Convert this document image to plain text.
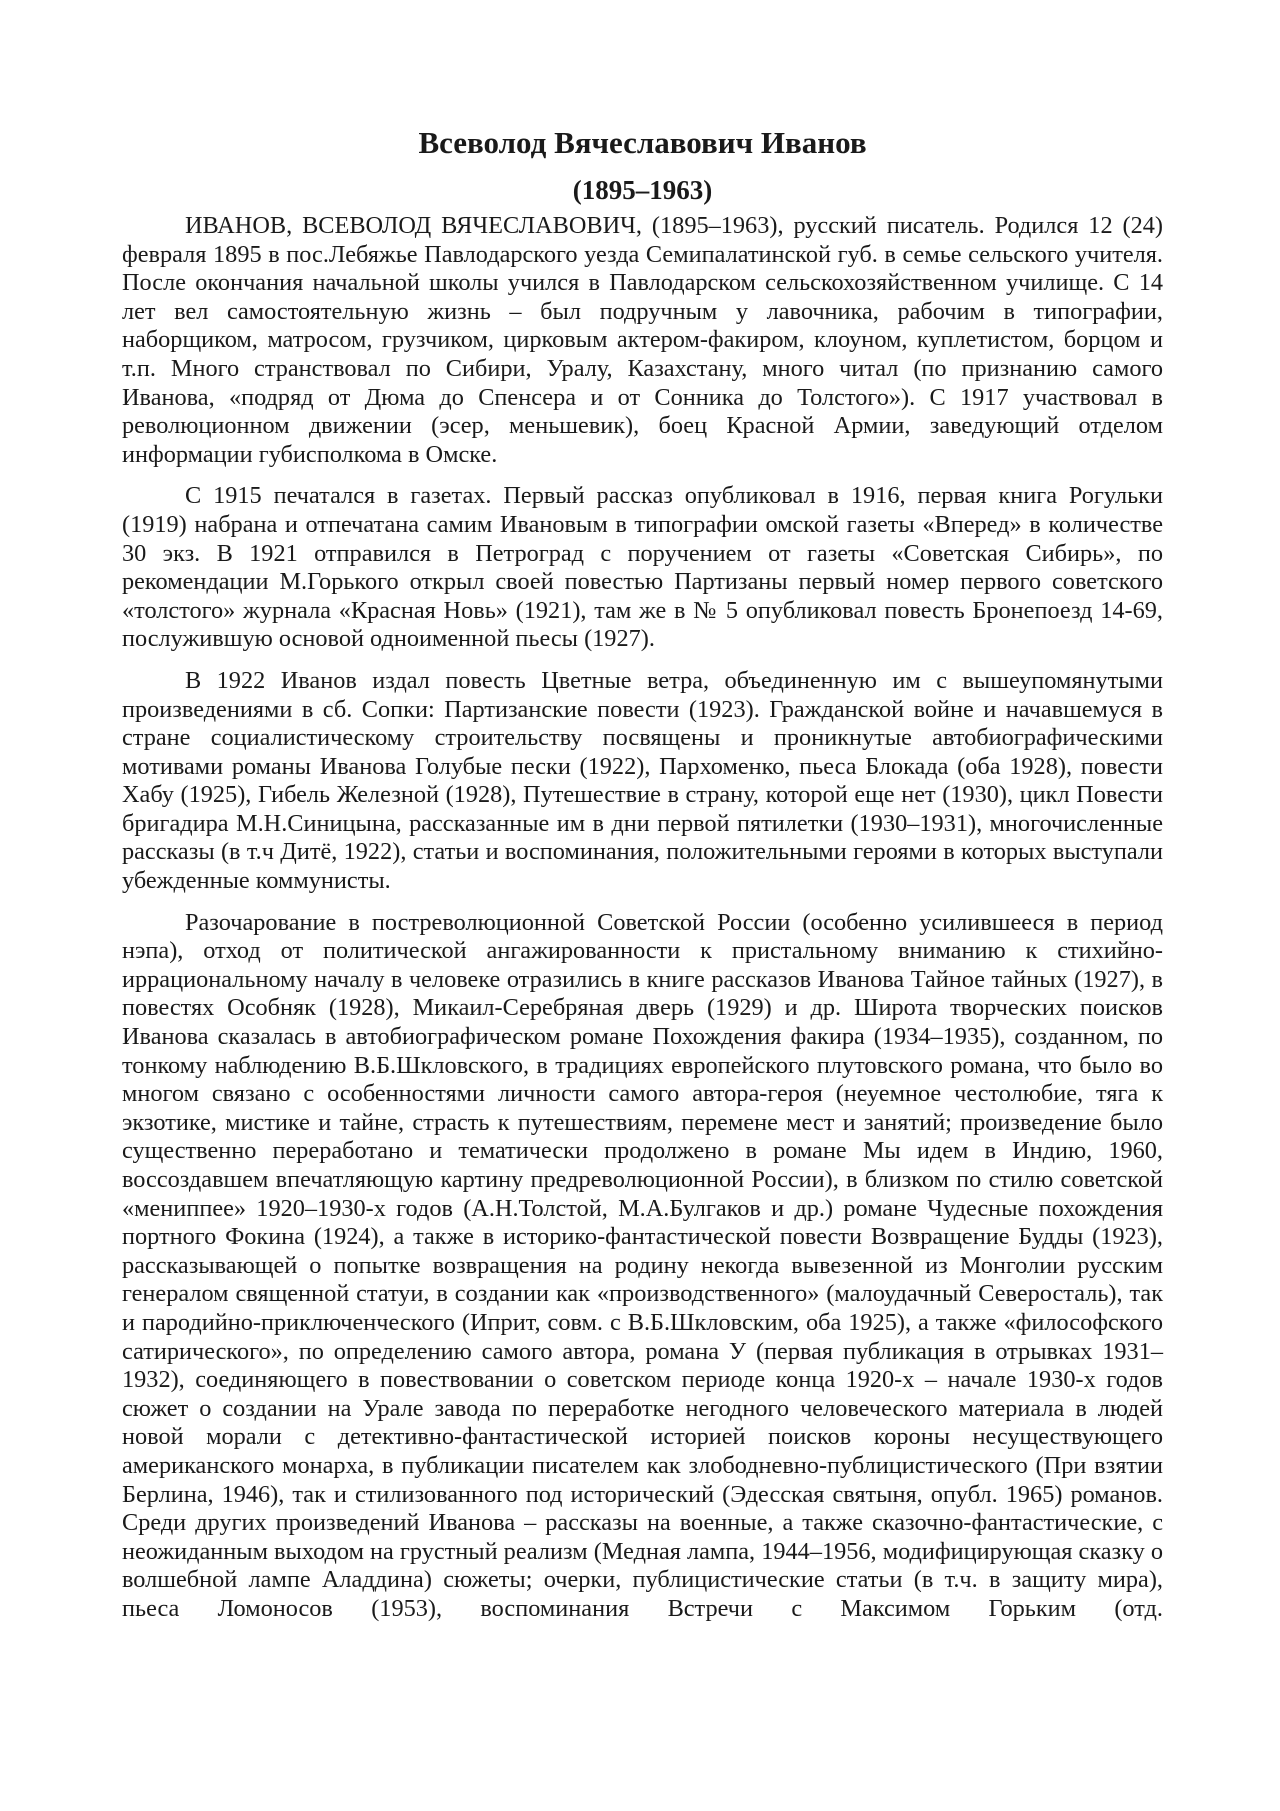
Всеволод Вячеславович Иванов
(1895–1963)

ИВАНОВ, ВСЕВОЛОД ВЯЧЕСЛАВОВИЧ, (1895–1963), русский писатель. Родился 12 (24) февраля 1895 в пос.Лебяжье Павлодарского уезда Семипалатинской губ. в семье сельского учителя. После окончания начальной школы учился в Павлодарском сельскохозяйственном училище. С 14 лет вел самостоятельную жизнь – был подручным у лавочника, рабочим в типографии, наборщиком, матросом, грузчиком, цирковым актером-факиром, клоуном, куплетистом, борцом и т.п. Много странствовал по Сибири, Уралу, Казахстану, много читал (по признанию самого Иванова, «подряд от Дюма до Спенсера и от Сонника до Толстого»). С 1917 участвовал в революционном движении (эсер, меньшевик), боец Красной Армии, заведующий отделом информации губисполкома в Омске.

С 1915 печатался в газетах. Первый рассказ опубликовал в 1916, первая книга Рогульки (1919) набрана и отпечатана самим Ивановым в типографии омской газеты «Вперед» в количестве 30 экз. В 1921 отправился в Петроград с поручением от газеты «Советская Сибирь», по рекомендации М.Горького открыл своей повестью Партизаны первый номер первого советского «толстого» журнала «Красная Новь» (1921), там же в № 5 опубликовал повесть Бронепоезд 14-69, послужившую основой одноименной пьесы (1927).

В 1922 Иванов издал повесть Цветные ветра, объединенную им с вышеупомянутыми произведениями в сб. Сопки: Партизанские повести (1923). Гражданской войне и начавшемуся в стране социалистическому строительству посвящены и проникнутые автобиографическими мотивами романы Иванова Голубые пески (1922), Пархоменко, пьеса Блокада (оба 1928), повести Хабу (1925), Гибель Железной (1928), Путешествие в страну, которой еще нет (1930), цикл Повести бригадира М.Н.Синицына, рассказанные им в дни первой пятилетки (1930–1931), многочисленные рассказы (в т.ч Дитё, 1922), статьи и воспоминания, положительными героями в которых выступали убежденные коммунисты.

Разочарование в постреволюционной Советской России (особенно усилившееся в период нэпа), отход от политической ангажированности к пристальному вниманию к стихийно-иррациональному началу в человеке отразились в книге рассказов Иванова Тайное тайных (1927), в повестях Особняк (1928), Микаил-Серебряная дверь (1929) и др. Широта творческих поисков Иванова сказалась в автобиографическом романе Похождения факира (1934–1935), созданном, по тонкому наблюдению В.Б.Шкловского, в традициях европейского плутовского романа, что было во многом связано с особенностями личности самого автора-героя (неуемное честолюбие, тяга к экзотике, мистике и тайне, страсть к путешествиям, перемене мест и занятий; произведение было существенно переработано и тематически продолжено в романе Мы идем в Индию, 1960, воссоздавшем впечатляющую картину предреволюционной России), в близком по стилю советской «мениппее» 1920–1930-х годов (А.Н.Толстой, М.А.Булгаков и др.) романе Чудесные похождения портного Фокина (1924), а также в историко-фантастической повести Возвращение Будды (1923), рассказывающей о попытке возвращения на родину некогда вывезенной из Монголии русским генералом священной статуи, в создании как «производственного» (малоудачный Северосталь), так и пародийно-приключенческого (Иприт, совм. с В.Б.Шкловским, оба 1925), а также «философского сатирического», по определению самого автора, романа У (первая публикация в отрывках 1931–1932), соединяющего в повествовании о советском периоде конца 1920-х – начале 1930-х годов сюжет о создании на Урале завода по переработке негодного человеческого материала в людей новой морали с детективно-фантастической историей поисков короны несуществующего американского монарха, в публикации писателем как злободневно-публицистического (При взятии Берлина, 1946), так и стилизованного под исторический (Эдесская святыня, опубл. 1965) романов. Среди других произведений Иванова – рассказы на военные, а также сказочно-фантастические, с неожиданным выходом на грустный реализм (Медная лампа, 1944–1956, модифицирующая сказку о волшебной лампе Аладдина) сюжеты; очерки, публицистические статьи (в т.ч. в защиту мира), пьеса Ломоносов (1953), воспоминания Встречи с Максимом Горьким (отд.
